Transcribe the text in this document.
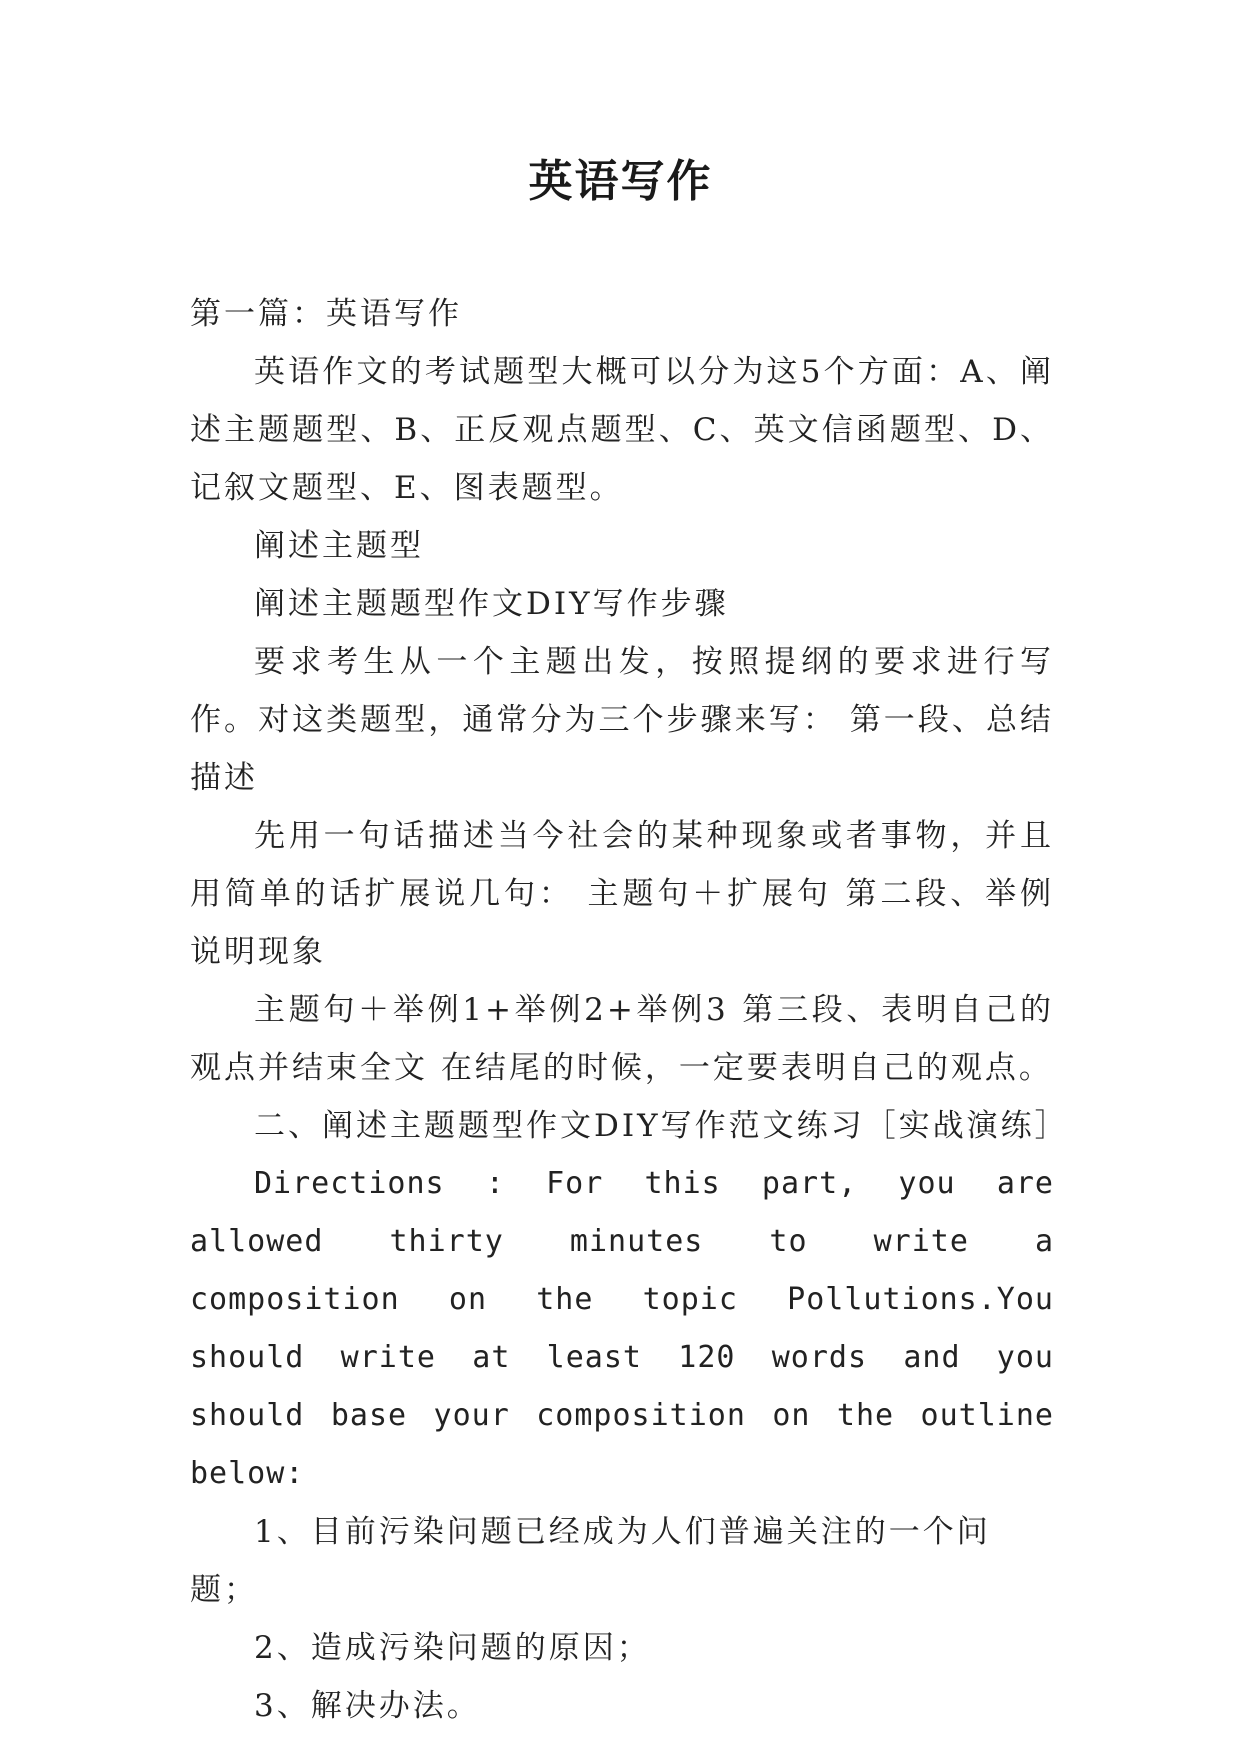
英语写作

第一篇：英语写作

英语作文的考试题型大概可以分为这5个方面：A、阐述主题题型、B、正反观点题型、C、英文信函题型、D、记叙文题型、E、图表题型。

阐述主题型

阐述主题题型作文DIY写作步骤

要求考生从一个主题出发，按照提纲的要求进行写作。对这类题型，通常分为三个步骤来写： 第一段、总结描述

先用一句话描述当今社会的某种现象或者事物，并且用简单的话扩展说几句： 主题句＋扩展句 第二段、举例说明现象

主题句＋举例1+举例2+举例3 第三段、表明自己的观点并结束全文 在结尾的时候，一定要表明自己的观点。

二、阐述主题题型作文DIY写作范文练习［实战演练］

Directions : For this part, you are allowed thirty minutes to write a composition on the topic Pollutions.You should write at least 120 words and you should base your composition on the outline below:

1、目前污染问题已经成为人们普遍关注的一个问题；

2、造成污染问题的原因；

3、解决办法。
